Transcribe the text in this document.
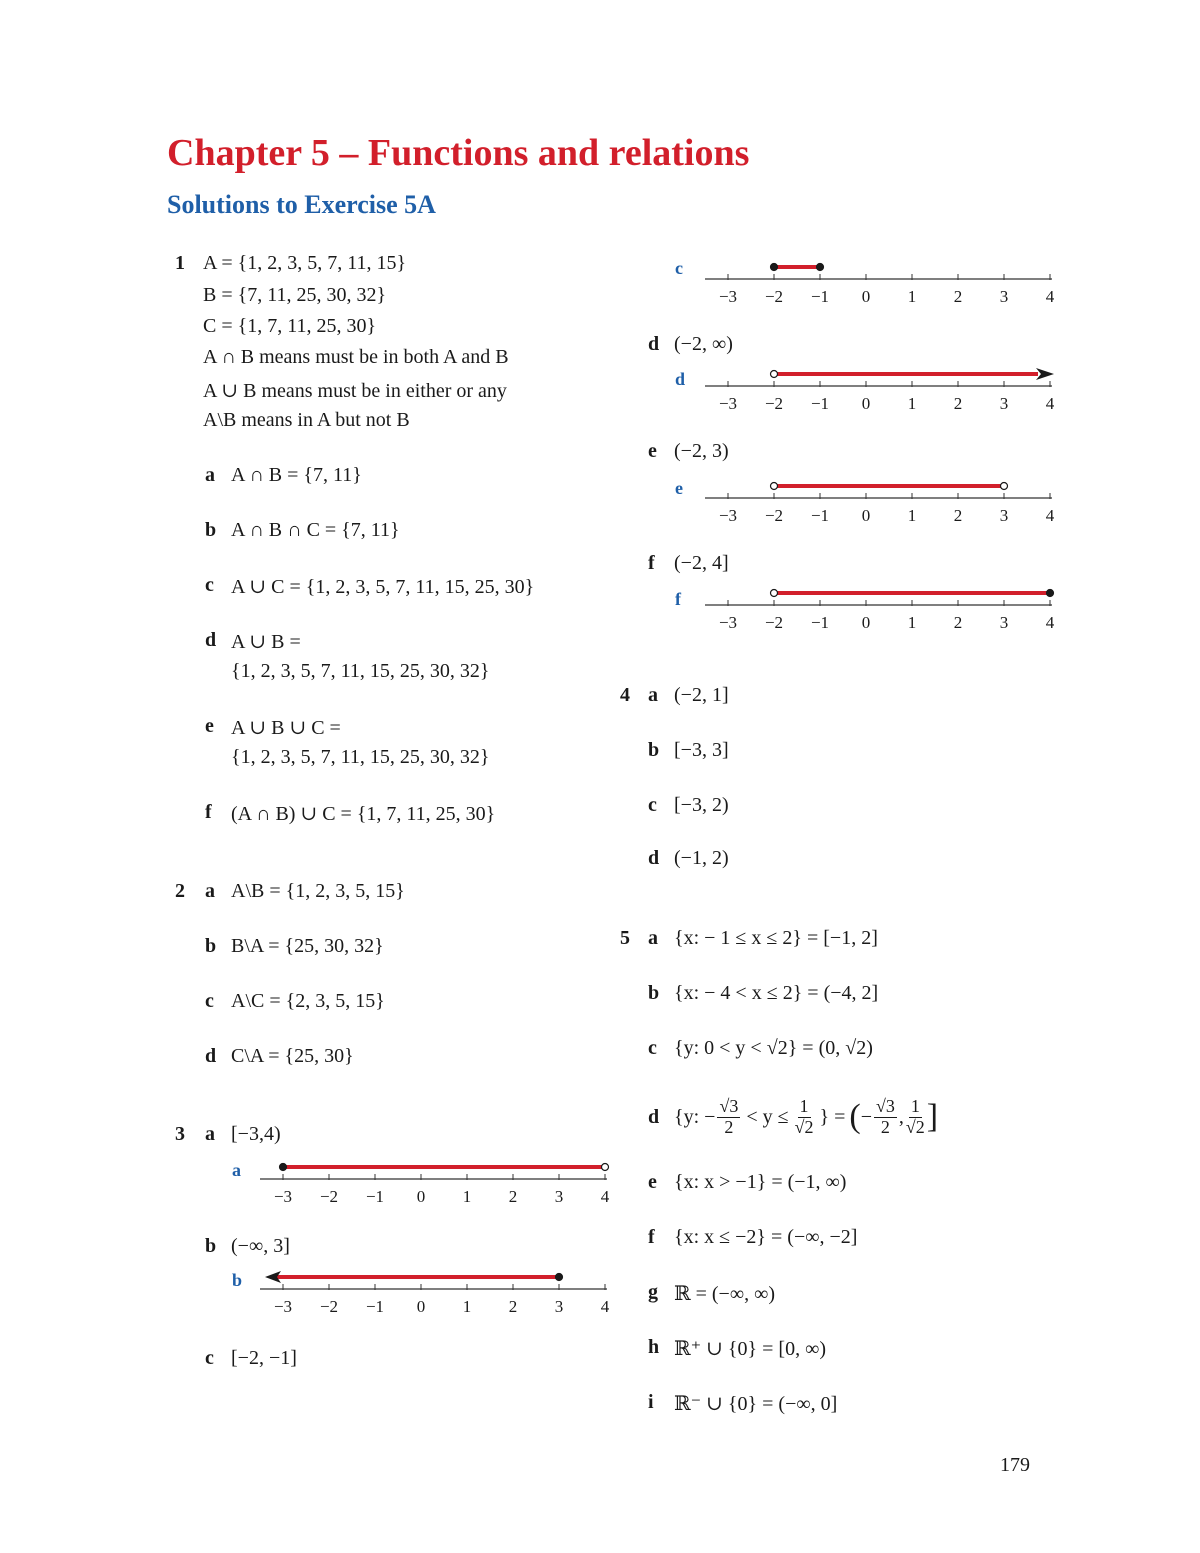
Chapter 5 – Functions and relations
Solutions to Exercise 5A
1 A = {1, 2, 3, 5, 7, 11, 15}
B = {7, 11, 25, 30, 32}
C = {1, 7, 11, 25, 30}
A ∩ B means must be in both A and B
A ∪ B means must be in either or any
A\B means in A but not B
a A ∩ B = {7, 11}
b A ∩ B ∩ C = {7, 11}
c A ∪ C = {1, 2, 3, 5, 7, 11, 15, 25, 30}
d A ∪ B =
{1, 2, 3, 5, 7, 11, 15, 25, 30, 32}
e A ∪ B ∪ C =
{1, 2, 3, 5, 7, 11, 15, 25, 30, 32}
f (A ∩ B) ∪ C = {1, 7, 11, 25, 30}
2 a A\B = {1, 2, 3, 5, 15}
b B\A = {25, 30, 32}
c A\C = {2, 3, 5, 15}
d C\A = {25, 30}
3 a [−3,4)
a
−3 −2 −1 0 1 2 3 4
b (−∞, 3]
b
−3 −2 −1 0 1 2 3 4
c [−2, −1]
c
−3 −2 −1 0 1 2 3 4
d (−2, ∞)
d
−3 −2 −1 0 1 2 3 4
e (−2, 3)
e
−3 −2 −1 0 1 2 3 4
f (−2, 4]
f
−3 −2 −1 0 1 2 3 4
4 a (−2, 1]
b [−3, 3]
c [−3, 2)
d (−1, 2)
5 a {x: − 1 ≤ x ≤ 2} = [−1, 2]
b {x: − 4 < x ≤ 2} = (−4, 2]
c {y: 0 < y < √2} = (0, √2)
d {y: − $\frac{√3}{2} < y \le \frac{1}{√2}$ } = ( − $\frac{√3}{2}$ , $\frac{1}{√2}$ ]
e {x: x > −1} = (−1, ∞)
f {x: x ≤ −2} = (−∞, −2]
g ℝ = (−∞, ∞)
h ℝ⁺ ∪ {0} = [0, ∞)
i ℝ⁻ ∪ {0} = (−∞, 0]
179
